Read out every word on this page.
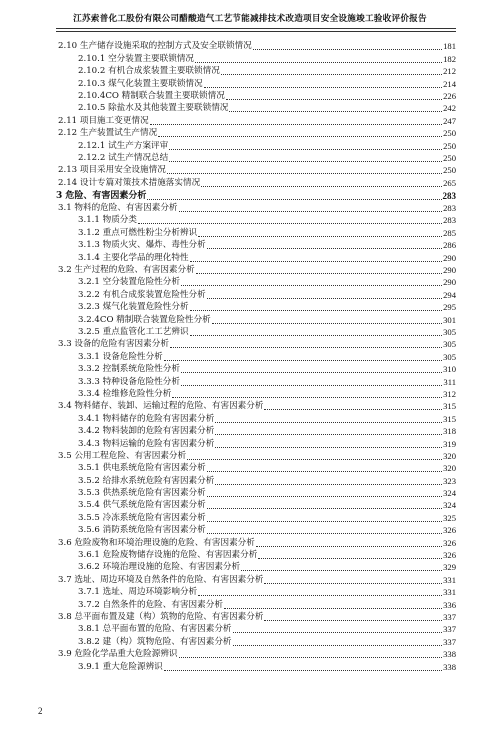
江苏索普化工股份有限公司醋酸造气工艺节能减排技术改造项目安全设施竣工验收评价报告
2.10 生产储存设施采取的控制方式及安全联锁情况	181
2.10.1 空分装置主要联锁情况	182
2.10.2 有机合成浆装置主要联锁情况	212
2.10.3 煤气化装置主要联锁情况	214
2.10.4CO 精制联合装置主要联锁情况	226
2.10.5 除盐水及其他装置主要联锁情况	242
2.11 项目施工变更情况	247
2.12 生产装置试生产情况	250
2.12.1 试生产方案评审	250
2.12.2 试生产情况总结	250
2.13 项目采用安全设施情况	250
2.14 设计专篇对策技术措施落实情况	265
3 危险、有害因素分析	283
3.1 物料的危险、有害因素分析	283
3.1.1 物质分类	283
3.1.2 重点可燃性粉尘分析辨识	285
3.1.3 物质火灾、爆炸、毒性分析	286
3.1.4 主要化学品的理化特性	290
3.2 生产过程的危险、有害因素分析	290
3.2.1 空分装置危险性分析	290
3.2.2 有机合成浆装置危险性分析	294
3.2.3 煤气化装置危险性分析	295
3.2.4CO 精制联合装置危险性分析	301
3.2.5 重点监管化工工艺辨识	305
3.3 设备的危险有害因素分析	305
3.3.1 设备危险性分析	305
3.3.2 控制系统危险性分析	310
3.3.3 特种设备危险性分析	311
3.3.4 检维修危险性分析	312
3.4 物料储存、装卸、运输过程的危险、有害因素分析	315
3.4.1 物料储存的危险有害因素分析	315
3.4.2 物料装卸的危险有害因素分析	318
3.4.3 物料运输的危险有害因素分析	319
3.5 公用工程危险、有害因素分析	320
3.5.1 供电系统危险有害因素分析	320
3.5.2 给排水系统危险有害因素分析	323
3.5.3 供热系统危险有害因素分析	324
3.5.4 供气系统危险有害因素分析	324
3.5.5 冷冻系统危险有害因素分析	325
3.5.6 消防系统危险有害因素分析	326
3.6 危险废物和环境治理设施的危险、有害因素分析	326
3.6.1 危险废物储存设施的危险、有害因素分析	326
3.6.2 环境治理设施的危险、有害因素分析	329
3.7 选址、周边环境及自然条件的危险、有害因素分析	331
3.7.1 选址、周边环境影响分析	331
3.7.2 自然条件的危险、有害因素分析	336
3.8 总平面布置及建（构）筑物的危险、有害因素分析	337
3.8.1 总平面布置的危险、有害因素分析	337
3.8.2 建（构）筑物危险、有害因素分析	337
3.9 危险化学品重大危险源辨识	338
3.9.1 重大危险源辨识	338
2
